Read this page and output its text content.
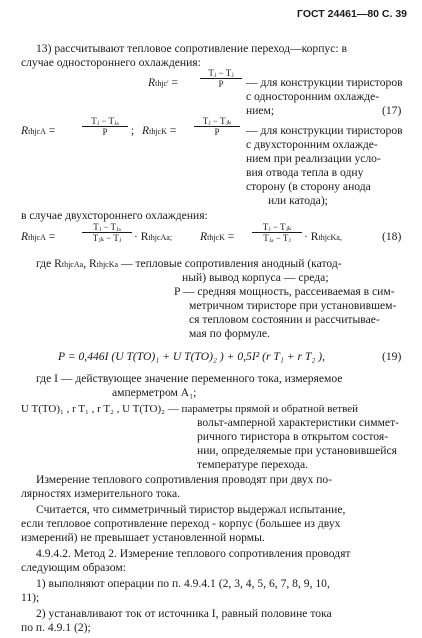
ГОСТ 24461—80 С. 39
13) рассчитывают тепловое сопротивление переход—корпус: в
случае одностороннего охлаждения:
Rthjc' = $\frac{\text{Tⱼ − Tⱼ}}{P}$ — для конструкции тиристоров
с односторонним охлажде-
нием;	(17)
RthjcA =
Tⱼ − Tⱼₐ
P	; RthjcK =
Tⱼ − Tⱼₖ
P	— для конструкции тиристоров
с двухсторонним охлажде-
нием при реализации усло-
вия отвода тепла в одну
сторону (в сторону анода
или катода);
в случае двухстороннего охлаждения:
RthjcA =
Tⱼ − Tⱼₐ
Tⱼₖ − Tⱼ	· RthjcAa; RthjcK =
Tⱼ − Tⱼₖ
Tⱼₐ − Tⱼ	· RthjcKa,	(18)
где RthjcAa, RthjcKa — тепловые сопротивления анодный (катод-
ный) вывод корпуса — среда;
P — средняя мощность, рассеиваемая в сим-
метричном тиристоре при установившем-
ся тепловом состоянии и рассчитывае-
мая по формуле.
P = 0,446I (U T(TO)₁ + U T(TO)₂ ) + 0,5I² (r T₁ + r T₂ ),	(19)
где I — действующее значение переменного тока, измеряемое
амперметром A₁;
U T(TO)₁ , r T₁ , r T₂ , U T(TO)₂ — параметры прямой и обратной ветвей
вольт-амперной характеристики симмет-
ричного тиристора в открытом состоя-
нии, определяемые при установившейся
температуре перехода.
Измерение теплового сопротивления проводят при двух по-
лярностях измерительного тока.
Считается, что симметричный тиристор выдержал испытание,
если тепловое сопротивление переход - корпус (большее из двух
измерений) не превышает установленной нормы.
4.9.4.2. Метод 2. Измерение теплового сопротивления проводят
следующим образом:
1) выполняют операции по п. 4.9.4.1 (2, 3, 4, 5, 6, 7, 8, 9, 10,
11);
2) устанавливают ток от источника I, равный половине тока
по п. 4.9.1 (2);
